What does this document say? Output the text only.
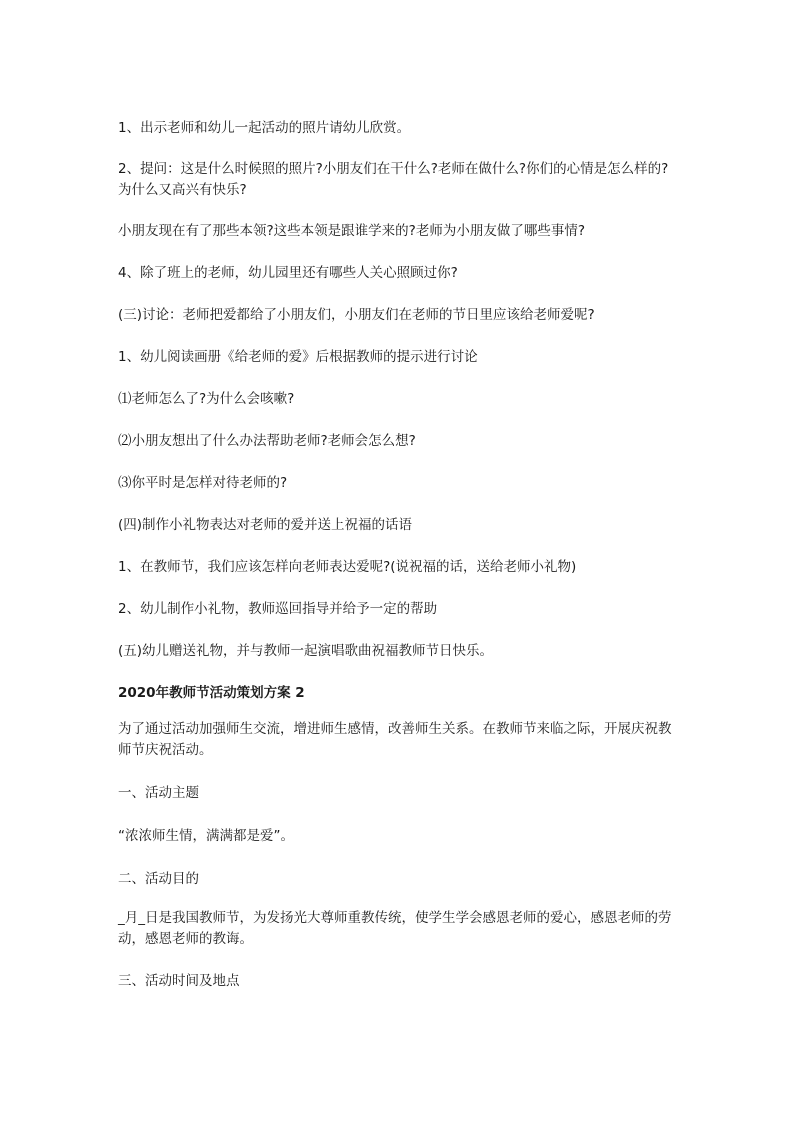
1、出示老师和幼儿一起活动的照片请幼儿欣赏。

2、提问：这是什么时候照的照片?小朋友们在干什么?老师在做什么?你们的心情是怎么样的?为什么又高兴有快乐?

小朋友现在有了那些本领?这些本领是跟谁学来的?老师为小朋友做了哪些事情?

4、除了班上的老师，幼儿园里还有哪些人关心照顾过你?

(三)讨论：老师把爱都给了小朋友们，小朋友们在老师的节日里应该给老师爱呢?

1、幼儿阅读画册《给老师的爱》后根据教师的提示进行讨论

⑴老师怎么了?为什么会咳嗽?

⑵小朋友想出了什么办法帮助老师?老师会怎么想?

⑶你平时是怎样对待老师的?

(四)制作小礼物表达对老师的爱并送上祝福的话语

1、在教师节，我们应该怎样向老师表达爱呢?(说祝福的话，送给老师小礼物)

2、幼儿制作小礼物，教师巡回指导并给予一定的帮助

(五)幼儿赠送礼物，并与教师一起演唱歌曲祝福教师节日快乐。

2020年教师节活动策划方案 2

为了通过活动加强师生交流，增进师生感情，改善师生关系。在教师节来临之际，开展庆祝教师节庆祝活动。

一、活动主题

“浓浓师生情，满满都是爱”。

二、活动目的

_月_日是我国教师节，为发扬光大尊师重教传统，使学生学会感恩老师的爱心，感恩老师的劳动，感恩老师的教诲。

三、活动时间及地点
